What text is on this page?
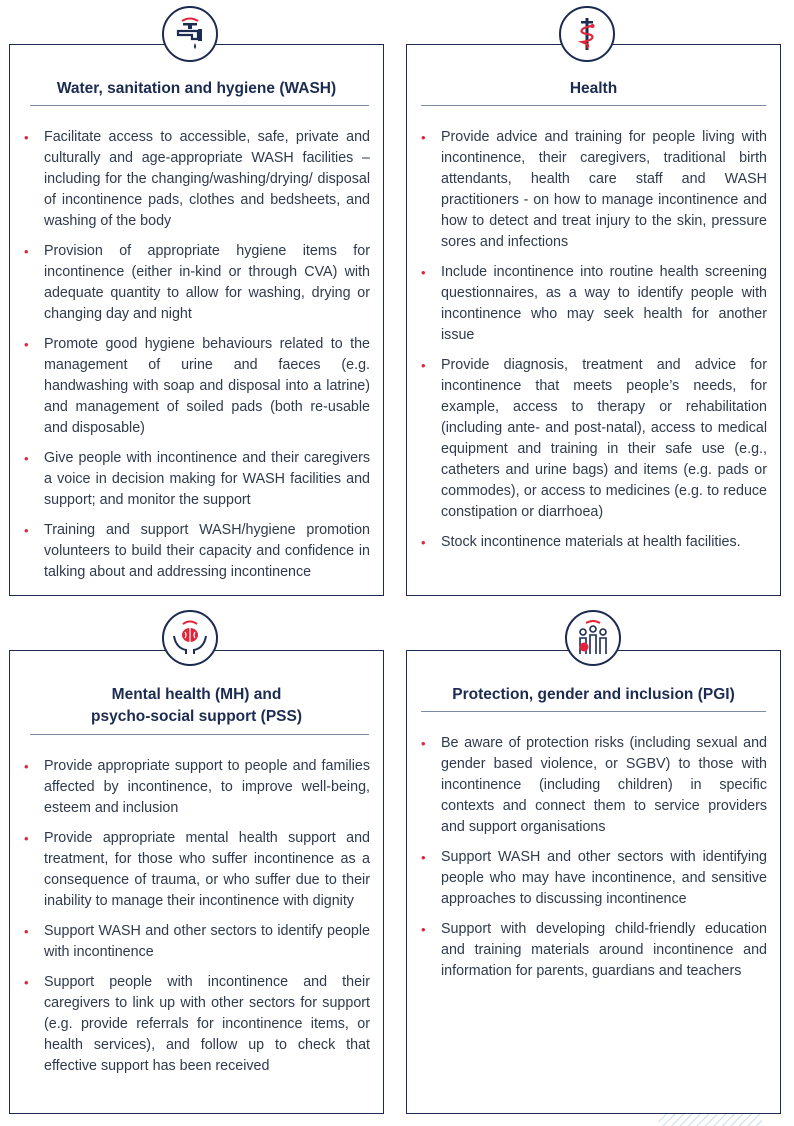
Water, sanitation and hygiene (WASH)
• Facilitate access to accessible, safe, private and culturally and age-appropriate WASH facilities – including for the changing/washing/drying/ disposal of incontinence pads, clothes and bedsheets, and washing of the body
• Provision of appropriate hygiene items for incontinence (either in-kind or through CVA) with adequate quantity to allow for washing, drying or changing day and night
• Promote good hygiene behaviours related to the management of urine and faeces (e.g. handwashing with soap and disposal into a latrine) and management of soiled pads (both re-usable and disposable)
• Give people with incontinence and their caregivers a voice in decision making for WASH facilities and support; and monitor the support
• Training and support WASH/hygiene promotion volunteers to build their capacity and confidence in talking about and addressing incontinence
Health
• Provide advice and training for people living with incontinence, their caregivers, traditional birth attendants, health care staff and WASH practitioners - on how to manage incontinence and how to detect and treat injury to the skin, pressure sores and infections
• Include incontinence into routine health screening questionnaires, as a way to identify people with incontinence who may seek health for another issue
• Provide diagnosis, treatment and advice for incontinence that meets people’s needs, for example, access to therapy or rehabilitation (including ante- and post-natal), access to medical equipment and training in their safe use (e.g., catheters and urine bags) and items (e.g. pads or commodes), or access to medicines (e.g. to reduce constipation or diarrhoea)
• Stock incontinence materials at health facilities.
Mental health (MH) and
psycho-social support (PSS)
• Provide appropriate support to people and families affected by incontinence, to improve well-being, esteem and inclusion
• Provide appropriate mental health support and treatment, for those who suffer incontinence as a consequence of trauma, or who suffer due to their inability to manage their incontinence with dignity
• Support WASH and other sectors to identify people with incontinence
• Support people with incontinence and their caregivers to link up with other sectors for support (e.g. provide referrals for incontinence items, or health services), and follow up to check that effective support has been received
Protection, gender and inclusion (PGI)
• Be aware of protection risks (including sexual and gender based violence, or SGBV) to those with incontinence (including children) in specific contexts and connect them to service providers and support organisations
• Support WASH and other sectors with identifying people who may have incontinence, and sensitive approaches to discussing incontinence
• Support with developing child-friendly education and training materials around incontinence and information for parents, guardians and teachers
